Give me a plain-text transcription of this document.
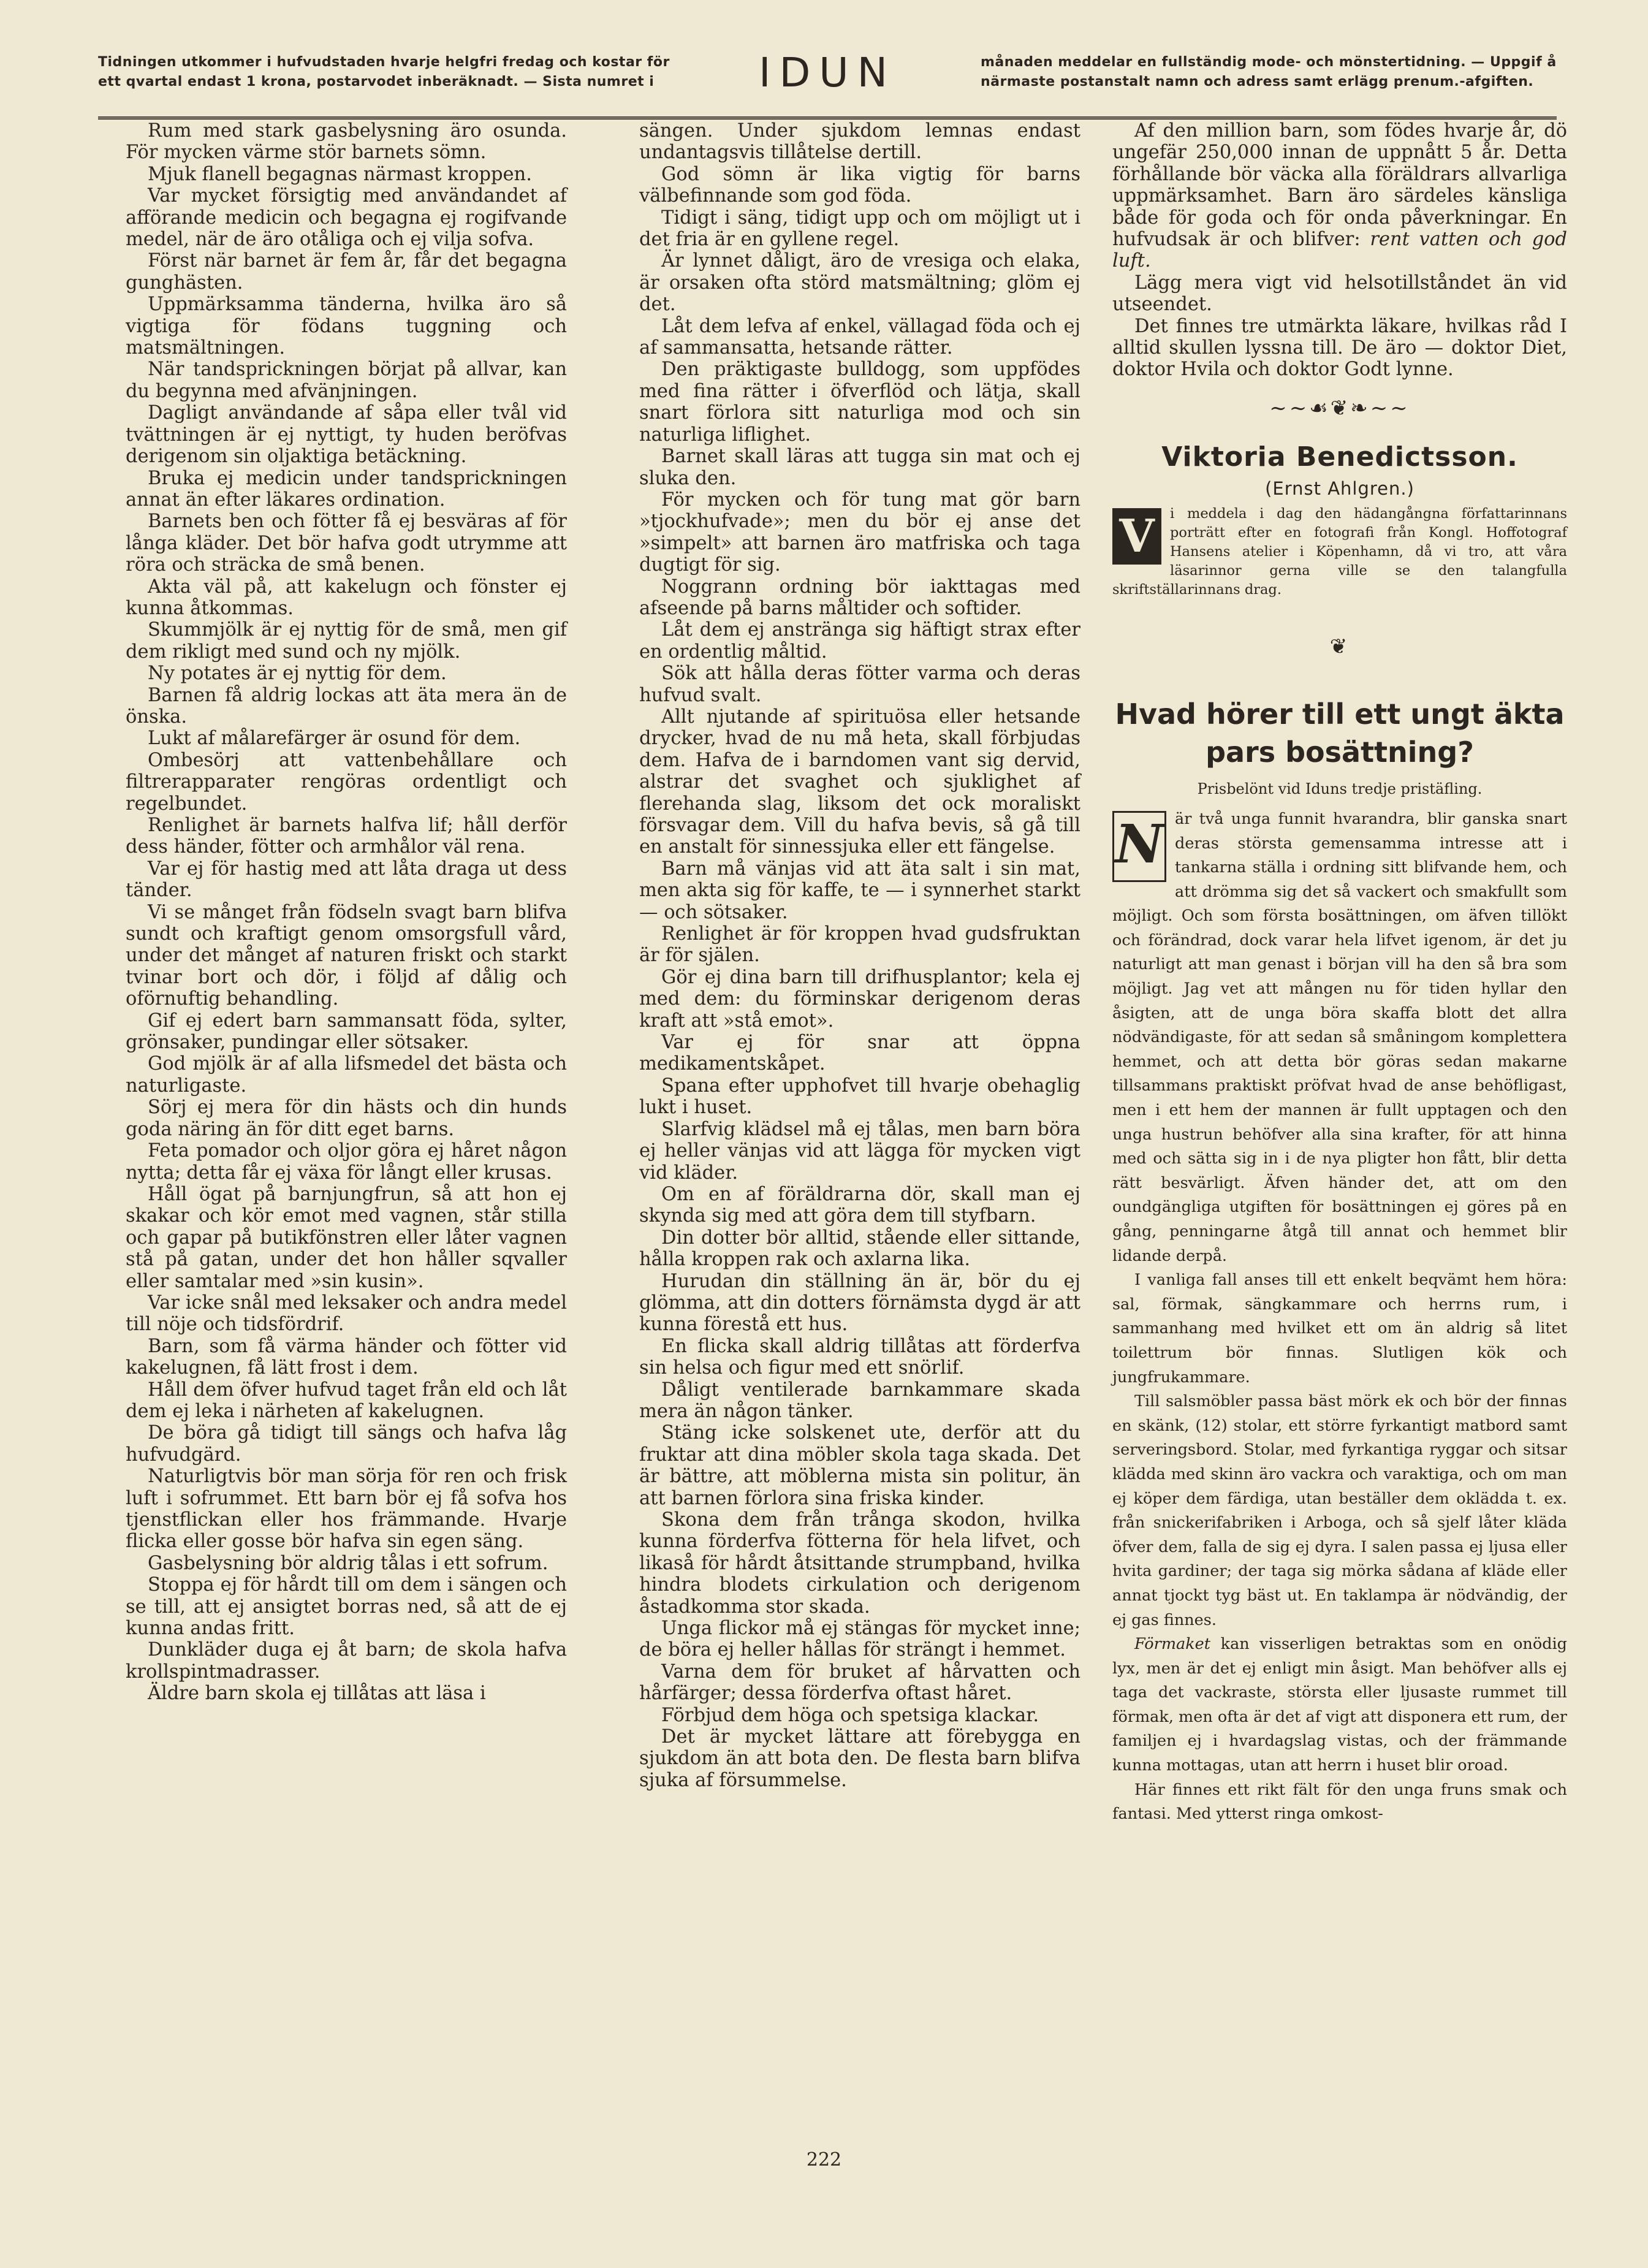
Tidningen utkommer i hufvudstaden hvarje helgfri fredag och kostar för ett qvartal endast 1 krona, postarvodet inberäknadt. — Sista numret i	IDUN	månaden meddelar en fullständig mode- och mönstertidning. — Uppgif å närmaste postanstalt namn och adress samt erlägg prenum.-afgiften.

Rum med stark gasbelysning äro osunda. För mycken värme stör barnets sömn.

Mjuk flanell begagnas närmast kroppen.

Var mycket försigtig med användandet af afförande medicin och begagna ej rogifvande medel, när de äro otåliga och ej vilja sofva.

Först när barnet är fem år, får det begagna gunghästen.

Uppmärksamma tänderna, hvilka äro så vigtiga för födans tuggning och matsmältningen.

När tandsprickningen börjat på allvar, kan du begynna med afvänjningen.

Dagligt användande af såpa eller tvål vid tvättningen är ej nyttigt, ty huden beröfvas derigenom sin oljaktiga betäckning.

Bruka ej medicin under tandsprickningen annat än efter läkares ordination.

Barnets ben och fötter få ej besväras af för långa kläder. Det bör hafva godt utrymme att röra och sträcka de små benen.

Akta väl på, att kakelugn och fönster ej kunna åtkommas.

Skummjölk är ej nyttig för de små, men gif dem rikligt med sund och ny mjölk.

Ny potates är ej nyttig för dem.

Barnen få aldrig lockas att äta mera än de önska.

Lukt af målarefärger är osund för dem.

Ombesörj att vattenbehållare och filtrerapparater rengöras ordentligt och regelbundet.

Renlighet är barnets halfva lif; håll derför dess händer, fötter och armhålor väl rena.

Var ej för hastig med att låta draga ut dess tänder.

Vi se månget från födseln svagt barn blifva sundt och kraftigt genom omsorgsfull vård, under det månget af naturen friskt och starkt tvinar bort och dör, i följd af dålig och oförnuftig behandling.

Gif ej edert barn sammansatt föda, sylter, grönsaker, pundingar eller sötsaker.

God mjölk är af alla lifsmedel det bästa och naturligaste.

Sörj ej mera för din hästs och din hunds goda näring än för ditt eget barns.

Feta pomador och oljor göra ej håret någon nytta; detta får ej växa för långt eller krusas.

Håll ögat på barnjungfrun, så att hon ej skakar och kör emot med vagnen, står stilla och gapar på butikfönstren eller låter vagnen stå på gatan, under det hon håller sqvaller eller samtalar med »sin kusin».

Var icke snål med leksaker och andra medel till nöje och tidsfördrif.

Barn, som få värma händer och fötter vid kakelugnen, få lätt frost i dem.

Håll dem öfver hufvud taget från eld och låt dem ej leka i närheten af kakelugnen.

De böra gå tidigt till sängs och hafva låg hufvudgärd.

Naturligtvis bör man sörja för ren och frisk luft i sofrummet. Ett barn bör ej få sofva hos tjenstflickan eller hos främmande. Hvarje flicka eller gosse bör hafva sin egen säng.

Gasbelysning bör aldrig tålas i ett sofrum.

Stoppa ej för hårdt till om dem i sängen och se till, att ej ansigtet borras ned, så att de ej kunna andas fritt.

Dunkläder duga ej åt barn; de skola hafva krollspintmadrasser.

Äldre barn skola ej tillåtas att läsa i

sängen. Under sjukdom lemnas endast undantagsvis tillåtelse dertill.

God sömn är lika vigtig för barns välbefinnande som god föda.

Tidigt i säng, tidigt upp och om möjligt ut i det fria är en gyllene regel.

Är lynnet dåligt, äro de vresiga och elaka, är orsaken ofta störd matsmältning; glöm ej det.

Låt dem lefva af enkel, vällagad föda och ej af sammansatta, hetsande rätter.

Den präktigaste bulldogg, som uppfödes med fina rätter i öfverflöd och lätja, skall snart förlora sitt naturliga mod och sin naturliga liflighet.

Barnet skall läras att tugga sin mat och ej sluka den.

För mycken och för tung mat gör barn »tjockhufvade»; men du bör ej anse det »simpelt» att barnen äro matfriska och taga dugtigt för sig.

Noggrann ordning bör iakttagas med afseende på barns måltider och softider.

Låt dem ej anstränga sig häftigt strax efter en ordentlig måltid.

Sök att hålla deras fötter varma och deras hufvud svalt.

Allt njutande af spirituösa eller hetsande drycker, hvad de nu må heta, skall förbjudas dem. Hafva de i barndomen vant sig dervid, alstrar det svaghet och sjuklighet af flerehanda slag, liksom det ock moraliskt försvagar dem. Vill du hafva bevis, så gå till en anstalt för sinnessjuka eller ett fängelse.

Barn må vänjas vid att äta salt i sin mat, men akta sig för kaffe, te — i synnerhet starkt — och sötsaker.

Renlighet är för kroppen hvad gudsfruktan är för själen.

Gör ej dina barn till drifhusplantor; kela ej med dem: du förminskar derigenom deras kraft att »stå emot».

Var ej för snar att öppna medikamentskåpet.

Spana efter upphofvet till hvarje obehaglig lukt i huset.

Slarfvig klädsel må ej tålas, men barn böra ej heller vänjas vid att lägga för mycken vigt vid kläder.

Om en af föräldrarna dör, skall man ej skynda sig med att göra dem till styfbarn.

Din dotter bör alltid, stående eller sittande, hålla kroppen rak och axlarna lika.

Hurudan din ställning än är, bör du ej glömma, att din dotters förnämsta dygd är att kunna förestå ett hus.

En flicka skall aldrig tillåtas att förderfva sin helsa och figur med ett snörlif.

Dåligt ventilerade barnkammare skada mera än någon tänker.

Stäng icke solskenet ute, derför att du fruktar att dina möbler skola taga skada. Det är bättre, att möblerna mista sin politur, än att barnen förlora sina friska kinder.

Skona dem från trånga skodon, hvilka kunna förderfva fötterna för hela lifvet, och likaså för hårdt åtsittande strumpband, hvilka hindra blodets cirkulation och derigenom åstadkomma stor skada.

Unga flickor må ej stängas för mycket inne; de böra ej heller hållas för strängt i hemmet.

Varna dem för bruket af hårvatten och hårfärger; dessa förderfva oftast håret.

Förbjud dem höga och spetsiga klackar.

Det är mycket lättare att förebygga en sjukdom än att bota den. De flesta barn blifva sjuka af försummelse.

Af den million barn, som födes hvarje år, dö ungefär 250,000 innan de uppnått 5 år. Detta förhållande bör väcka alla föräldrars allvarliga uppmärksamhet. Barn äro särdeles känsliga både för goda och för onda påverkningar. En hufvudsak är och blifver: rent vatten och god luft.

Lägg mera vigt vid helsotillståndet än vid utseendet.

Det finnes tre utmärkta läkare, hvilkas råd I alltid skullen lyssna till. De äro — doktor Diet, doktor Hvila och doktor Godt lynne.

~~☙❦❧~~
Viktoria Benedictsson.
(Ernst Ahlgren.)
V	i meddela i dag den hädangångna författarinnans porträtt efter en fotografi från Kongl. Hoffotograf Hansens atelier i Köpenhamn, då vi tro, att våra läsarinnor gerna ville se den talangfulla skriftställarinnans drag.
❦
Hvad hörer till ett ungt äkta pars bosättning?
Prisbelönt vid Iduns tredje pristäfling.

N är två unga funnit hvarandra, blir ganska snart deras största gemensamma intresse att i tankarna ställa i ordning sitt blifvande hem, och att drömma sig det så vackert och smakfullt som möjligt. Och som första bosättningen, om äfven tillökt och förändrad, dock varar hela lifvet igenom, är det ju naturligt att man genast i början vill ha den så bra som möjligt. Jag vet att mången nu för tiden hyllar den åsigten, att de unga böra skaffa blott det allra nödvändigaste, för att sedan så småningom komplettera hemmet, och att detta bör göras sedan makarne tillsammans praktiskt pröfvat hvad de anse behöfligast, men i ett hem der mannen är fullt upptagen och den unga hustrun behöfver alla sina krafter, för att hinna med och sätta sig in i de nya pligter hon fått, blir detta rätt besvärligt. Äfven händer det, att om den oundgängliga utgiften för bosättningen ej göres på en gång, penningarne åtgå till annat och hemmet blir lidande derpå.

I vanliga fall anses till ett enkelt beqvämt hem höra: sal, förmak, sängkammare och herrns rum, i sammanhang med hvilket ett om än aldrig så litet toilettrum bör finnas. Slutligen kök och jungfrukammare.

Till salsmöbler passa bäst mörk ek och bör der finnas en skänk, (12) stolar, ett större fyrkantigt matbord samt serveringsbord. Stolar, med fyrkantiga ryggar och sitsar klädda med skinn äro vackra och varaktiga, och om man ej köper dem färdiga, utan beställer dem oklädda t. ex. från snickerifabriken i Arboga, och så sjelf låter kläda öfver dem, falla de sig ej dyra. I salen passa ej ljusa eller hvita gardiner; der taga sig mörka sådana af kläde eller annat tjockt tyg bäst ut. En taklampa är nödvändig, der ej gas finnes.

Förmaket kan visserligen betraktas som en onödig lyx, men är det ej enligt min åsigt. Man behöfver alls ej taga det vackraste, största eller ljusaste rummet till förmak, men ofta är det af vigt att disponera ett rum, der familjen ej i hvardagslag vistas, och der främmande kunna mottagas, utan att herrn i huset blir oroad.

Här finnes ett rikt fält för den unga fruns smak och fantasi. Med ytterst ringa omkost-

222
